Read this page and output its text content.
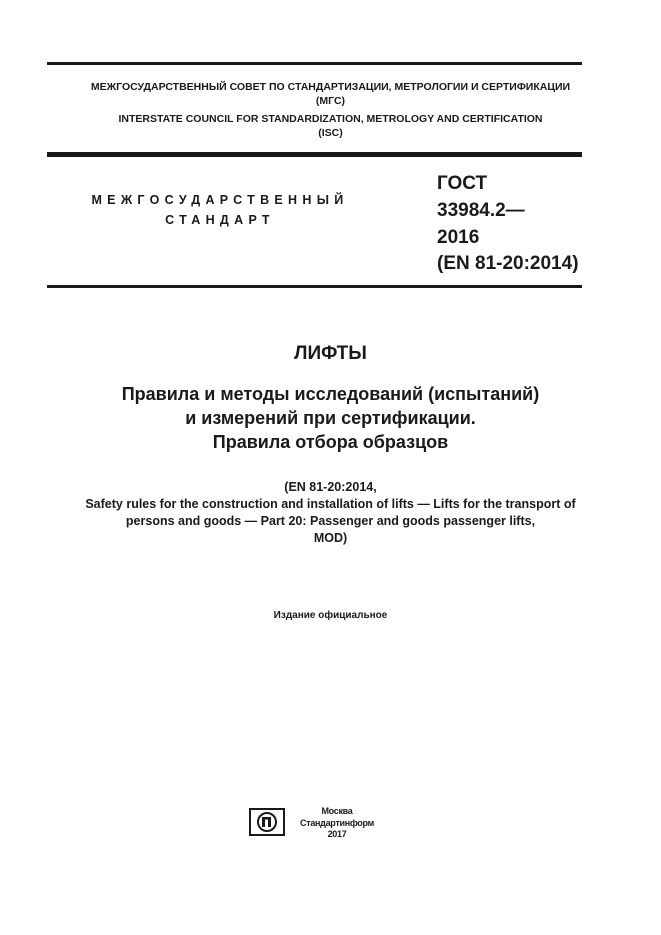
МЕЖГОСУДАРСТВЕННЫЙ СОВЕТ ПО СТАНДАРТИЗАЦИИ, МЕТРОЛОГИИ И СЕРТИФИКАЦИИ
(МГС)
INTERSTATE COUNCIL FOR STANDARDIZATION, METROLOGY AND CERTIFICATION
(ISC)
МЕЖГОСУДАРСТВЕННЫЙ
СТАНДАРТ
ГОСТ
33984.2—
2016
(EN 81-20:2014)
ЛИФТЫ
Правила и методы исследований (испытаний)
и измерений при сертификации.
Правила отбора образцов
(EN 81-20:2014,
Safety rules for the construction and installation of lifts — Lifts for the transport of
persons and goods — Part 20: Passenger and goods passenger lifts,
MOD)
Издание официальное
Москва
Стандартинформ
2017
